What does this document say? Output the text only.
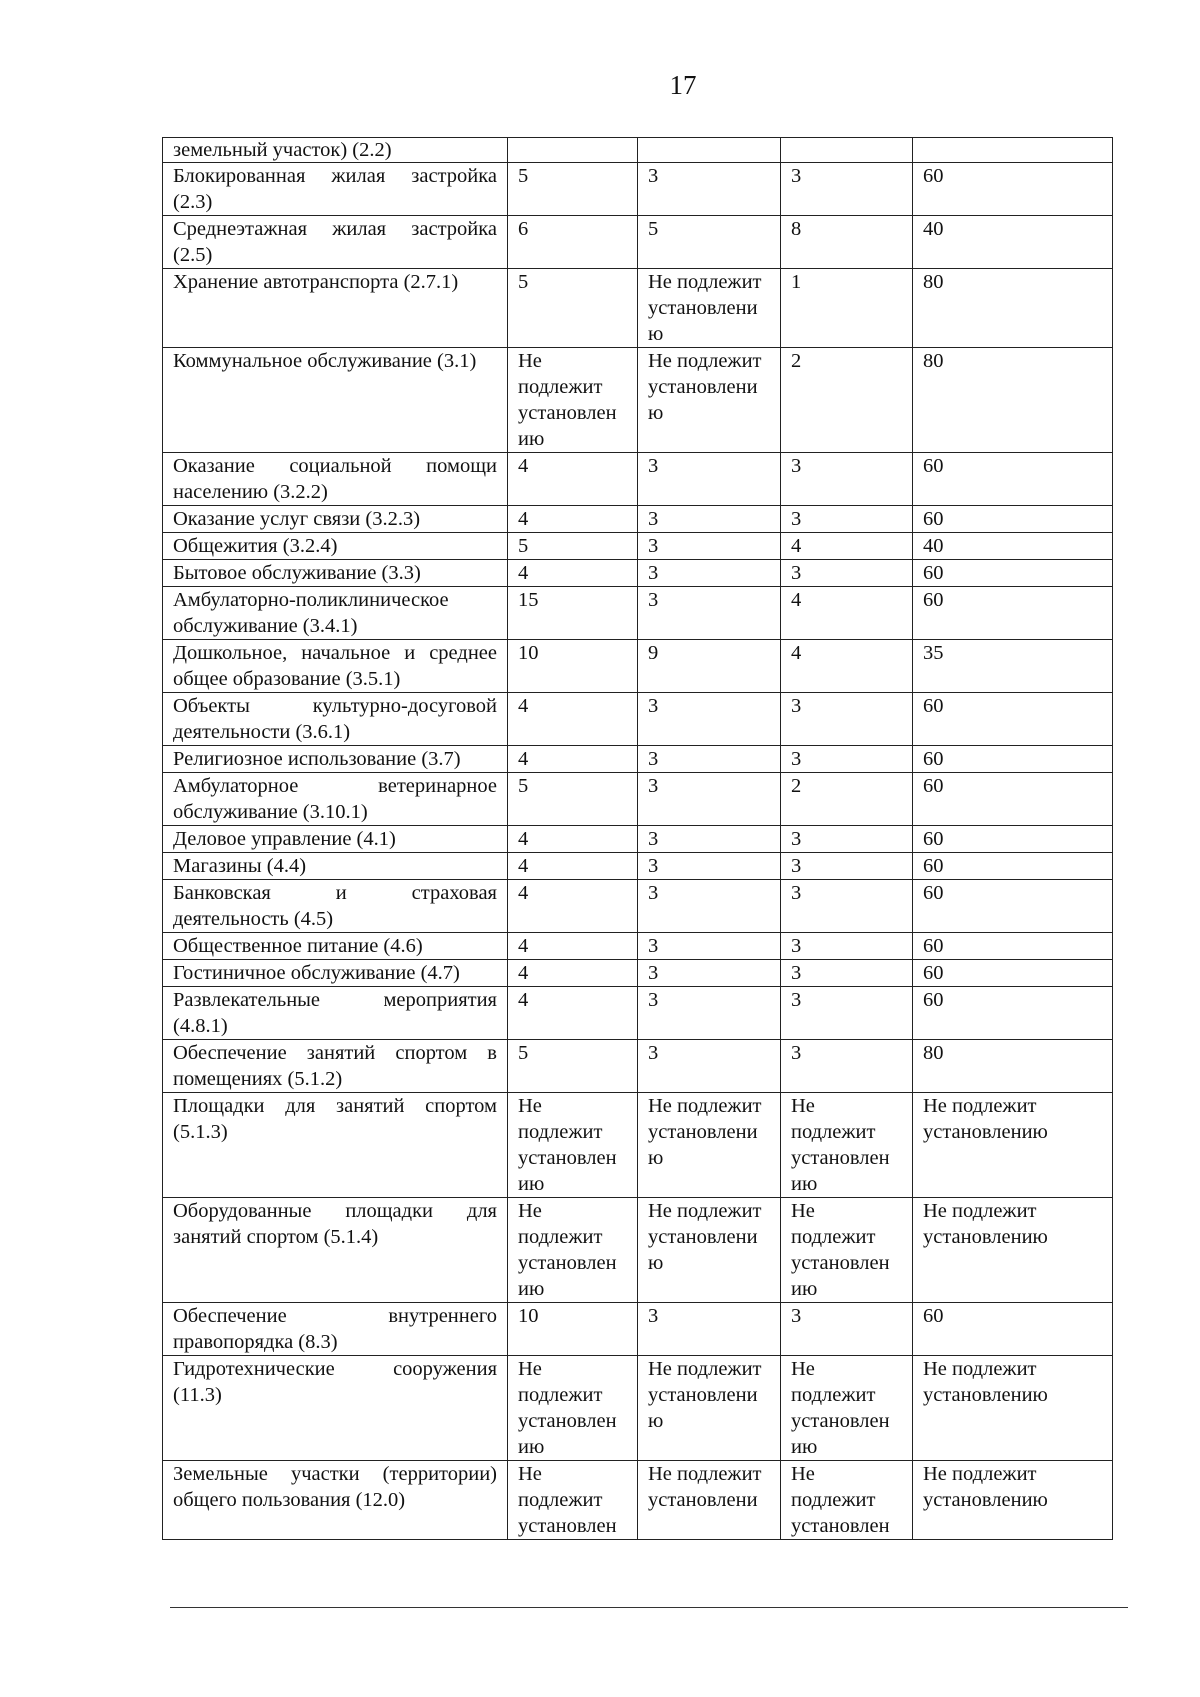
17
земельный участок) (2.2)				
Блокированная жилая застройка (2.3)	5	3	3	60
Среднеэтажная жилая застройка (2.5)	6	5	8	40
Хранение автотранспорта (2.7.1)	5	Не подлежит установлени ю	1	80
Коммунальное обслуживание (3.1)	Не подлежит установлен ию	Не подлежит установлени ю	2	80
Оказание социальной помощи населению (3.2.2)	4	3	3	60
Оказание услуг связи (3.2.3)	4	3	3	60
Общежития (3.2.4)	5	3	4	40
Бытовое обслуживание (3.3)	4	3	3	60
Амбулаторно-поликлиническое обслуживание (3.4.1)	15	3	4	60
Дошкольное, начальное и среднее общее образование (3.5.1)	10	9	4	35
Объекты культурно-досуговой деятельности (3.6.1)	4	3	3	60
Религиозное использование (3.7)	4	3	3	60
Амбулаторное ветеринарное обслуживание (3.10.1)	5	3	2	60
Деловое управление (4.1)	4	3	3	60
Магазины (4.4)	4	3	3	60
Банковская и страховая деятельность (4.5)	4	3	3	60
Общественное питание (4.6)	4	3	3	60
Гостиничное обслуживание (4.7)	4	3	3	60
Развлекательные мероприятия (4.8.1)	4	3	3	60
Обеспечение занятий спортом в помещениях (5.1.2)	5	3	3	80
Площадки для занятий спортом (5.1.3)	Не подлежит установлен ию	Не подлежит установлени ю	Не подлежит установлен ию	Не подлежит установлению
Оборудованные площадки для занятий спортом (5.1.4)	Не подлежит установлен ию	Не подлежит установлени ю	Не подлежит установлен ию	Не подлежит установлению
Обеспечение внутреннего правопорядка (8.3)	10	3	3	60
Гидротехнические сооружения (11.3)	Не подлежит установлен ию	Не подлежит установлени ю	Не подлежит установлен ию	Не подлежит установлению
Земельные участки (территории) общего пользования (12.0)	Не подлежит установлен	Не подлежит установлени	Не подлежит установлен	Не подлежит установлению
